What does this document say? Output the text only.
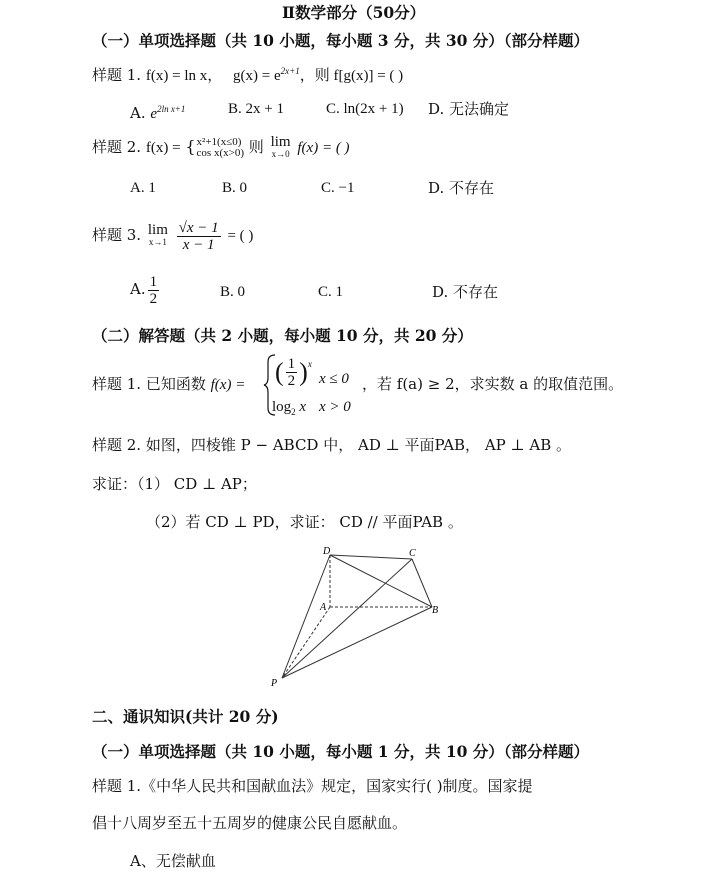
Ⅱ数学部分（50分）
（一）单项选择题（共 10 小题，每小题 3 分，共 30 分）（部分样题）
样题 1. f(x) = ln x， $g(x) = e^{2x+1}$，则 f[g(x)] = ( )
A. $e^{2ln x+1}$	B. 2x + 1	C. ln(2x + 1) D. 无法确定
样题 2. f(x) = { x²+1(x≤0)
cos x(x>0) 则 lim
x→0 f(x) = ( )
A. 1	B. 0	C. −1	D. 不存在
样题 3. lim
x→1
$\frac{√x - 1}{x - 1}$ = ( )
A. $\frac{1}{2}$	B. 0	C. 1	D. 不存在
（二）解答题（共 2 小题，每小题 10 分，共 20 分）
样题 1. 已知函数 f(x) = ( $\frac{1}{2} )^x$
x ≤ 0
$\log_2 x$ x > 0
，若 f(a) ≥ 2，求实数 a 的取值范围。
样题 2. 如图，四棱锥 P − ABCD 中， AD ⊥ 平面PAB， AP ⊥ AB 。
求证：（1） CD ⊥ AP；
（2）若 CD ⊥ PD，求证： CD // 平面PAB 。
D	C
A	B
P
二、通识知识(共计 20 分)
（一）单项选择题（共 10 小题，每小题 1 分，共 10 分）（部分样题）
样题 1.《中华人民共和国献血法》规定，国家实行( )制度。国家提
倡十八周岁至五十五周岁的健康公民自愿献血。
A、无偿献血
